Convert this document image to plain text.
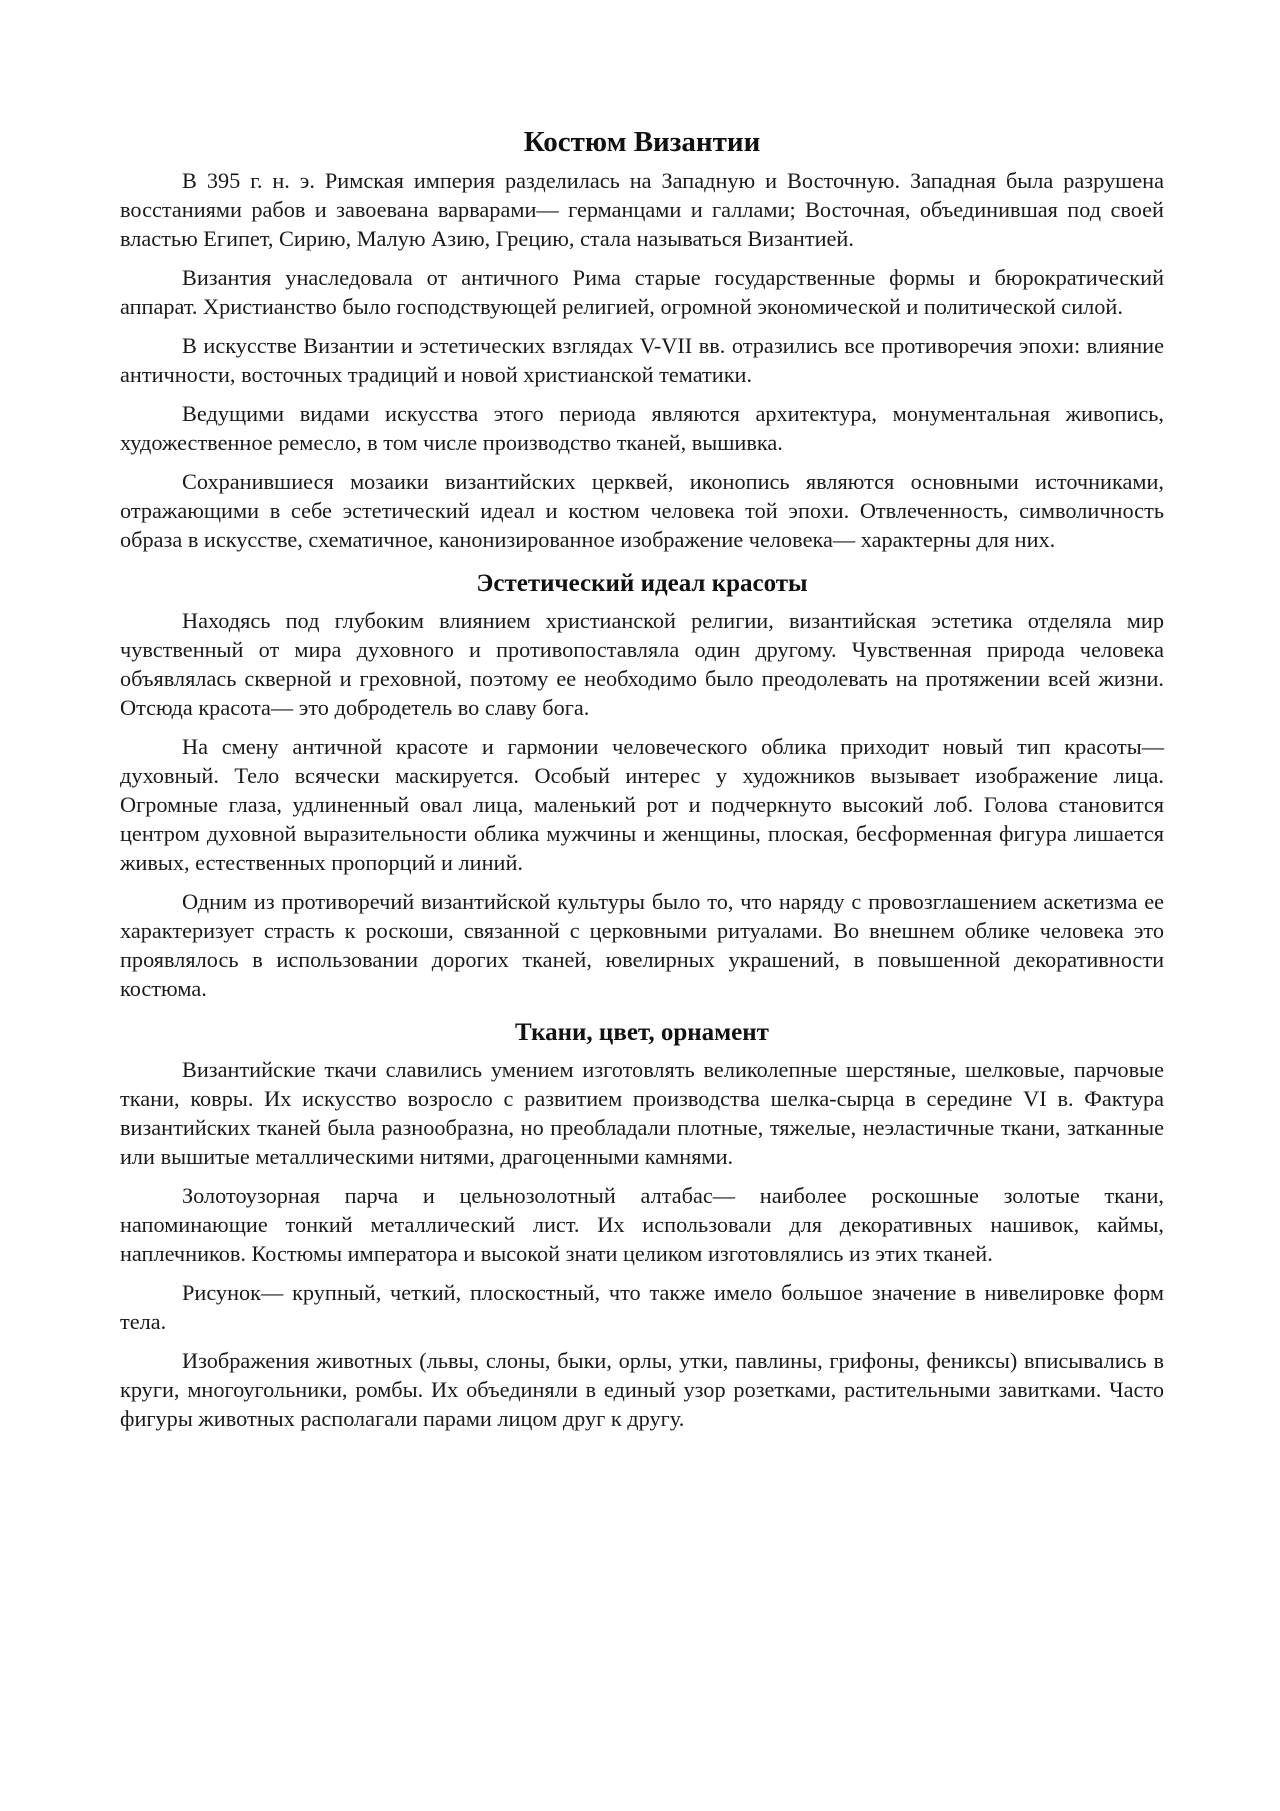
Костюм Византии

В 395 г. н. э. Римская империя разделилась на Западную и Восточную. Западная была разрушена восстаниями рабов и завоевана варварами— германцами и галлами; Восточная, объединившая под своей властью Египет, Сирию, Малую Азию, Грецию, стала называться Византией.

Византия унаследовала от античного Рима старые государственные формы и бюрократический аппарат. Христианство было господствующей религией, огромной экономической и политической силой.

В искусстве Византии и эстетических взглядах V-VII вв. отразились все противоречия эпохи: влияние античности, восточных традиций и новой христианской тематики.

Ведущими видами искусства этого периода являются архитектура, монументальная живопись, художественное ремесло, в том числе производство тканей, вышивка.

Сохранившиеся мозаики византийских церквей, иконопись являются основными источниками, отражающими в себе эстетический идеал и костюм человека той эпохи. Отвлеченность, символичность образа в искусстве, схематичное, канонизированное изображение человека— характерны для них.

Эстетический идеал красоты

Находясь под глубоким влиянием христианской религии, византийская эстетика отделяла мир чувственный от мира духовного и противопоставляла один другому. Чувственная природа человека объявлялась скверной и греховной, поэтому ее необходимо было преодолевать на протяжении всей жизни. Отсюда красота— это добродетель во славу бога.

На смену античной красоте и гармонии человеческого облика приходит новый тип красоты— духовный. Тело всячески маскируется. Особый интерес у художников вызывает изображение лица. Огромные глаза, удлиненный овал лица, маленький рот и подчеркнуто высокий лоб. Голова становится центром духовной выразительности облика мужчины и женщины, плоская, бесформенная фигура лишается живых, естественных пропорций и линий.

Одним из противоречий византийской культуры было то, что наряду с провозглашением аскетизма ее характеризует страсть к роскоши, связанной с церковными ритуалами. Во внешнем облике человека это проявлялось в использовании дорогих тканей, ювелирных украшений, в повышенной декоративности костюма.

Ткани, цвет, орнамент

Византийские ткачи славились умением изготовлять великолепные шерстяные, шелковые, парчовые ткани, ковры. Их искусство возросло с развитием производства шелка-сырца в середине VI в. Фактура византийских тканей была разнообразна, но преобладали плотные, тяжелые, неэластичные ткани, затканные или вышитые металлическими нитями, драгоценными камнями.

Золотоузорная парча и цельнозолотный алтабас— наиболее роскошные золотые ткани, напоминающие тонкий металлический лист. Их использовали для декоративных нашивок, каймы, наплечников. Костюмы императора и высокой знати целиком изготовлялись из этих тканей.

Рисунок— крупный, четкий, плоскостный, что также имело большое значение в нивелировке форм тела.

Изображения животных (львы, слоны, быки, орлы, утки, павлины, грифоны, фениксы) вписывались в круги, многоугольники, ромбы. Их объединяли в единый узор розетками, растительными завитками. Часто фигуры животных располагали парами лицом друг к другу.
